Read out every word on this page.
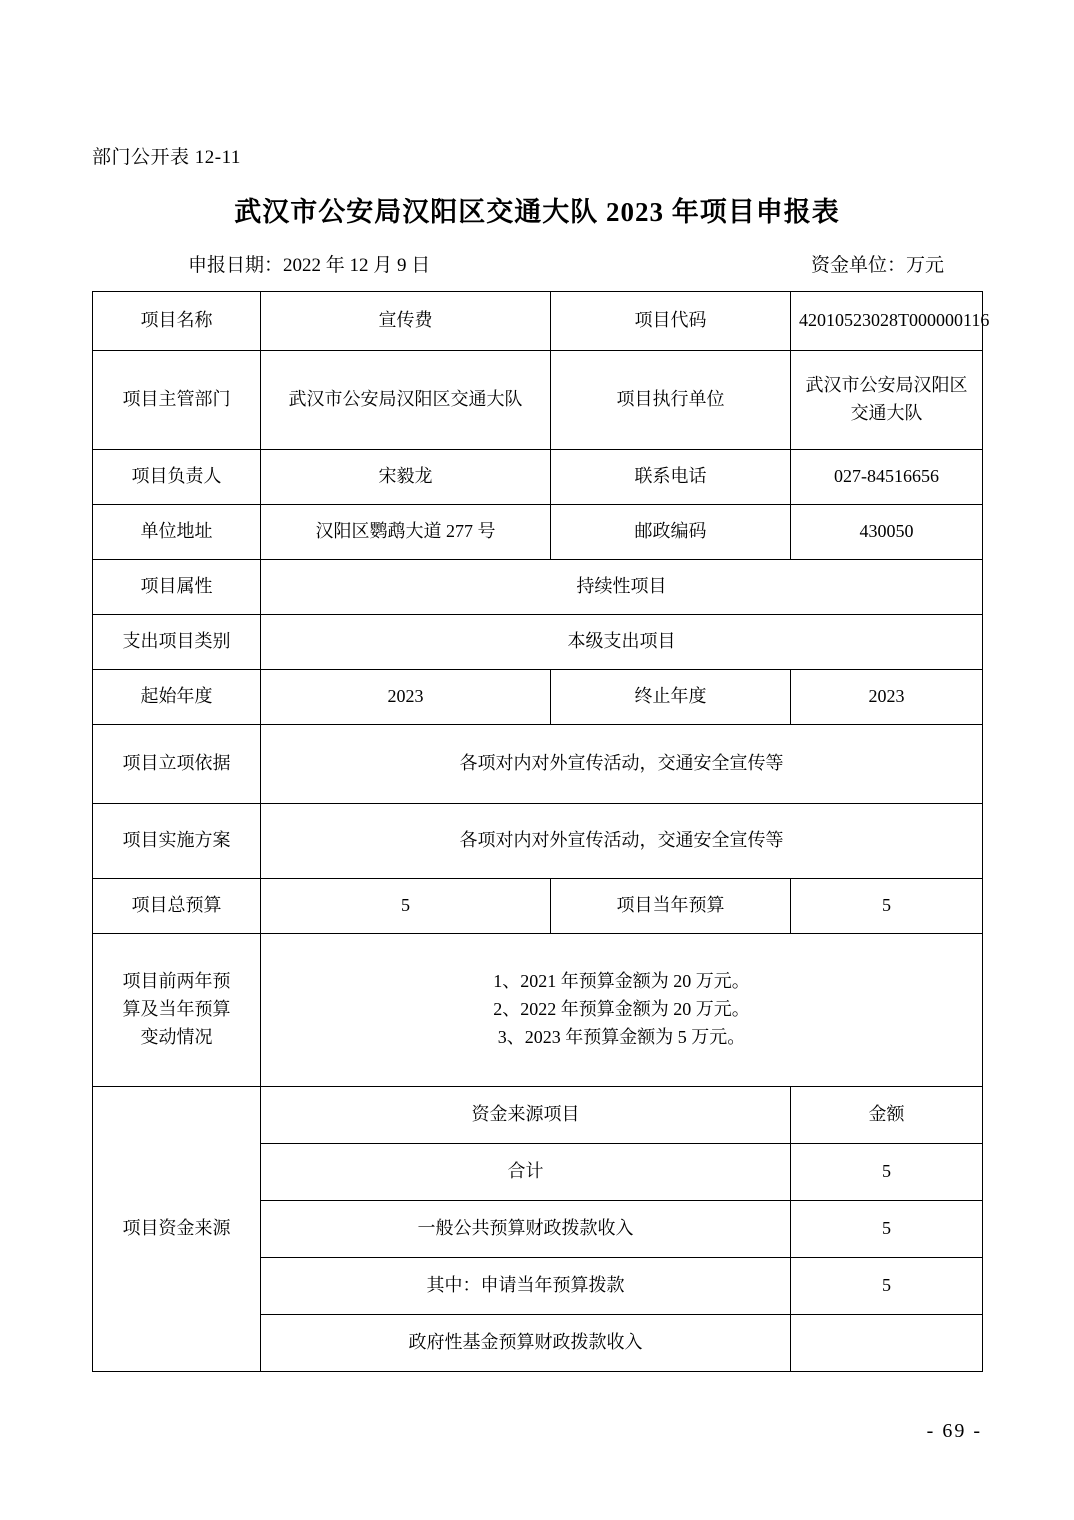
部门公开表 12-11
武汉市公安局汉阳区交通大队 2023 年项目申报表
申报日期：2022 年 12 月 9 日	资金单位：万元
项目名称	宣传费	项目代码	42010523028T000000116
项目主管部门	武汉市公安局汉阳区交通大队	项目执行单位	武汉市公安局汉阳区交通大队
项目负责人	宋毅龙	联系电话	027-84516656
单位地址	汉阳区鹦鹉大道 277 号	邮政编码	430050
项目属性	持续性项目		
支出项目类别	本级支出项目		
起始年度	2023	终止年度	2023
项目立项依据	各项对内对外宣传活动，交通安全宣传等		
项目实施方案	各项对内对外宣传活动，交通安全宣传等		
项目总预算	5	项目当年预算	5

项目前两年预
算及当年预算
变动情况

1、2021 年预算金额为 20 万元。
2、2022 年预算金额为 20 万元。
3、2023 年预算金额为 5 万元。

项目资金来源	资金来源项目		金额
	合计		5
	一般公共预算财政拨款收入		5
	其中：申请当年预算拨款		5
	政府性基金预算财政拨款收入		
- 69 -
